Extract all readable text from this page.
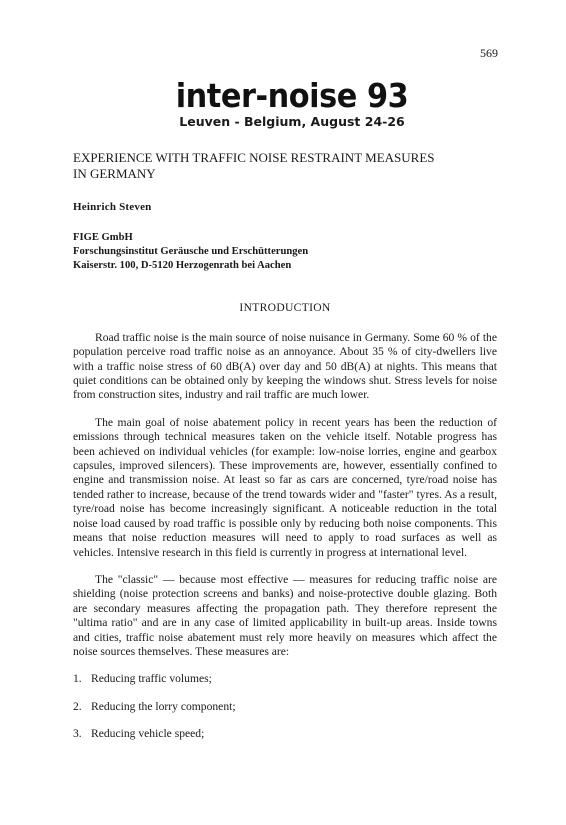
569
inter-noise 93
Leuven - Belgium, August 24-26
EXPERIENCE WITH TRAFFIC NOISE RESTRAINT MEASURES
IN GERMANY
Heinrich Steven
FIGE GmbH
Forschungsinstitut Geräusche und Erschütterungen
Kaiserstr. 100, D-5120 Herzogenrath bei Aachen
INTRODUCTION

Road traffic noise is the main source of noise nuisance in Germany. Some 60 % of the population perceive road traffic noise as an annoyance. About 35 % of city-dwellers live with a traffic noise stress of 60 dB(A) over day and 50 dB(A) at nights. This means that quiet conditions can be obtained only by keeping the windows shut. Stress levels for noise from construction sites, industry and rail traffic are much lower.

The main goal of noise abatement policy in recent years has been the reduction of emissions through technical measures taken on the vehicle itself. Notable progress has been achieved on individual vehicles (for example: low-noise lorries, engine and gearbox capsules, improved silencers). These improvements are, however, essentially confined to engine and transmission noise. At least so far as cars are concerned, tyre/road noise has tended rather to increase, because of the trend towards wider and "faster" tyres. As a result, tyre/road noise has become increasingly significant. A noticeable reduction in the total noise load caused by road traffic is possible only by reducing both noise components. This means that noise reduction measures will need to apply to road surfaces as well as vehicles. Intensive research in this field is currently in progress at international level.

The "classic" — because most effective — measures for reducing traffic noise are shielding (noise protection screens and banks) and noise-protective double glazing. Both are secondary measures affecting the propagation path. They therefore represent the "ultima ratio" and are in any case of limited applicability in built-up areas. Inside towns and cities, traffic noise abatement must rely more heavily on measures which affect the noise sources themselves. These measures are:

1. Reducing traffic volumes;
2. Reducing the lorry component;
3. Reducing vehicle speed;
